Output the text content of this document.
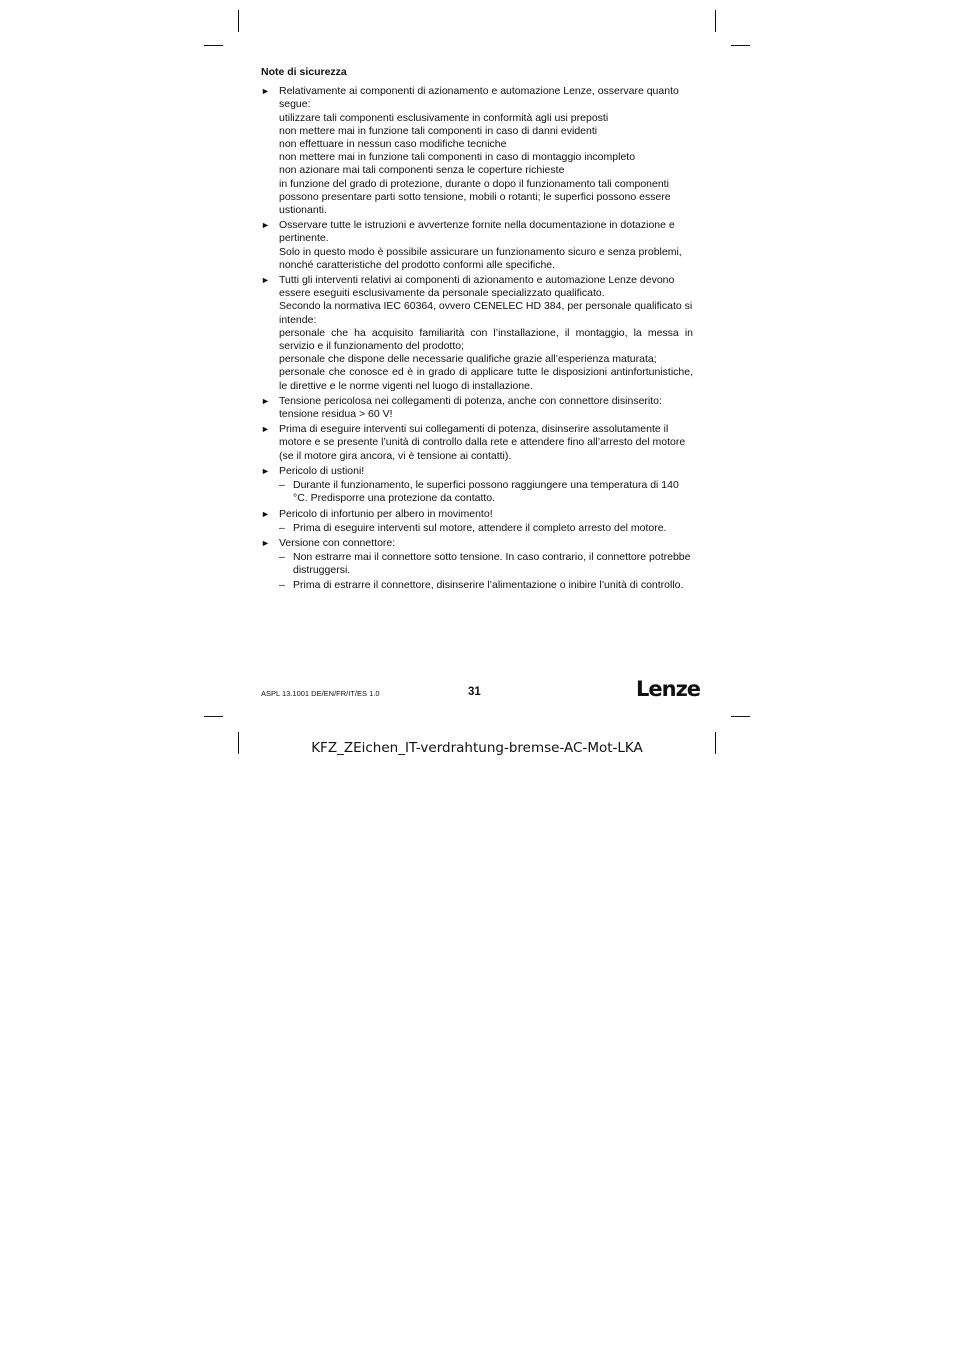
Note di sicurezza
► Relativamente ai componenti di azionamento e automazione Lenze, osservare quanto segue:
utilizzare tali componenti esclusivamente in conformità agli usi preposti
non mettere mai in funzione tali componenti in caso di danni evidenti
non effettuare in nessun caso modifiche tecniche
non mettere mai in funzione tali componenti in caso di montaggio incompleto
non azionare mai tali componenti senza le coperture richieste
in funzione del grado di protezione, durante o dopo il funzionamento tali componenti possono presentare parti sotto tensione, mobili o rotanti; le superfici possono essere ustionanti.
► Osservare tutte le istruzioni e avvertenze fornite nella documentazione in dotazione e pertinente.
Solo in questo modo è possibile assicurare un funzionamento sicuro e senza problemi, nonché caratteristiche del prodotto conformi alle specifiche.
► Tutti gli interventi relativi ai componenti di azionamento e automazione Lenze devono essere eseguiti esclusivamente da personale specializzato qualificato.
Secondo la normativa IEC 60364, ovvero CENELEC HD 384, per personale qualificato si intende:
personale che ha acquisito familiarità con l’installazione, il montaggio, la messa in servizio e il funzionamento del prodotto;
personale che dispone delle necessarie qualifiche grazie all’esperienza maturata;
personale che conosce ed è in grado di applicare tutte le disposizioni antinfortunistiche, le direttive e le norme vigenti nel luogo di installazione.
► Tensione pericolosa nei collegamenti di potenza, anche con connettore disinserito: tensione residua > 60 V!
► Prima di eseguire interventi sui collegamenti di potenza, disinserire assolutamente il motore e se presente l’unità di controllo dalla rete e attendere fino all’arresto del motore (se il motore gira ancora, vi è tensione ai contatti).
► Pericolo di ustioni!
– Durante il funzionamento, le superfici possono raggiungere una temperatura di 140 °C. Predisporre una protezione da contatto.
► Pericolo di infortunio per albero in movimento!
– Prima di eseguire interventi sul motore, attendere il completo arresto del motore.
► Versione con connettore:
– Non estrarre mai il connettore sotto tensione. In caso contrario, il connettore potrebbe distruggersi.
– Prima di estrarre il connettore, disinserire l’alimentazione o inibire l’unità di controllo.
ASPL 13.1001 DE/EN/FR/IT/ES 1.0	31	Lenze
KFZ_ZEichen_IT-verdrahtung-bremse-AC-Mot-LKA
